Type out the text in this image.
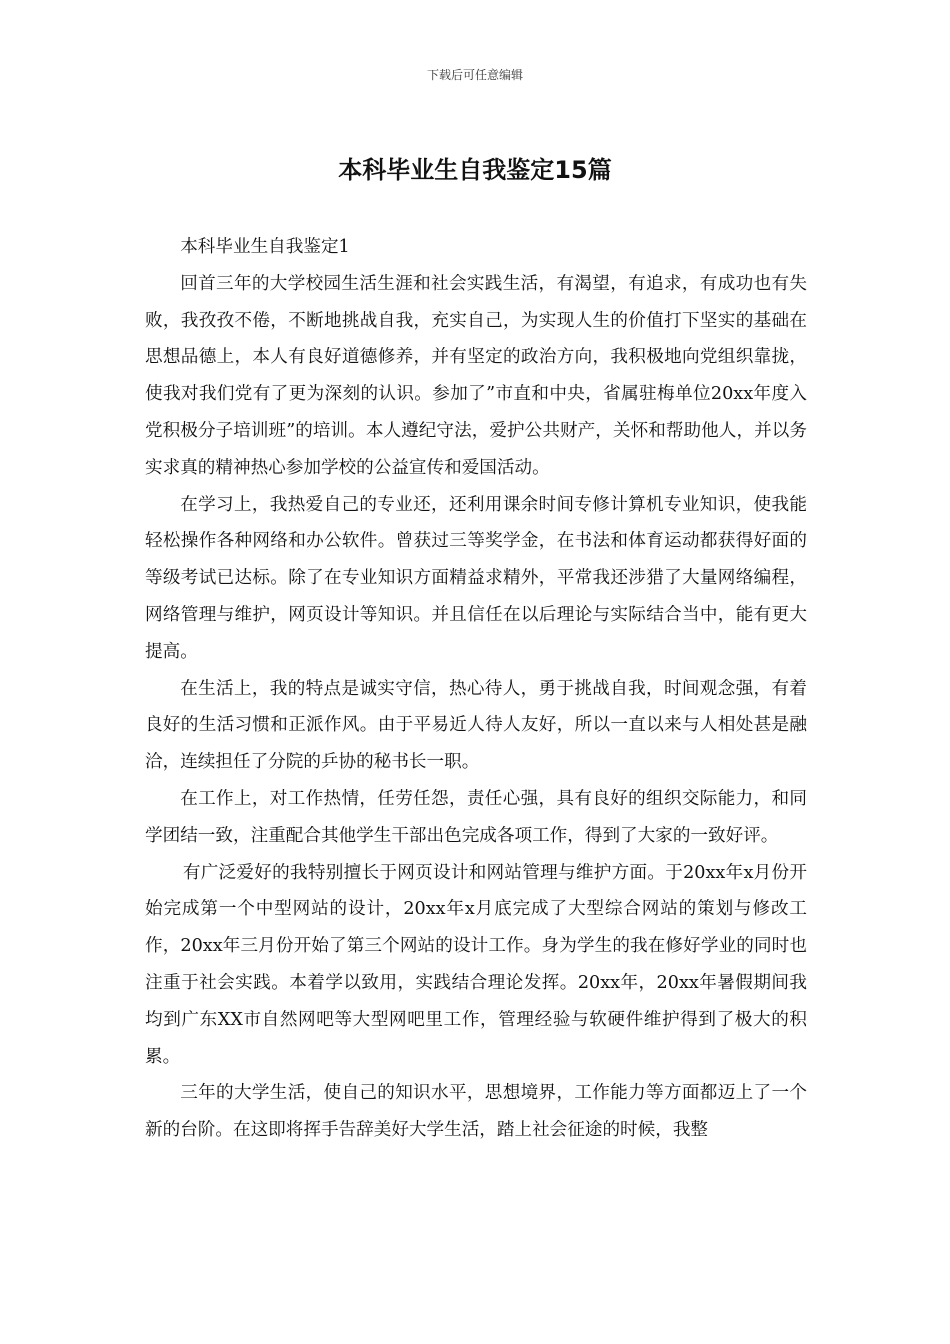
下载后可任意编辑
本科毕业生自我鉴定15篇

本科毕业生自我鉴定1

回首三年的大学校园生活生涯和社会实践生活，有渴望，有追求，有成功也有失败，我孜孜不倦，不断地挑战自我，充实自己，为实现人生的价值打下坚实的基础在思想品德上，本人有良好道德修养，并有坚定的政治方向，我积极地向党组织靠拢，使我对我们党有了更为深刻的认识。参加了”市直和中央，省属驻梅单位20xx年度入党积极分子培训班”的培训。本人遵纪守法，爱护公共财产，关怀和帮助他人，并以务实求真的精神热心参加学校的公益宣传和爱国活动。

在学习上，我热爱自己的专业还，还利用课余时间专修计算机专业知识，使我能轻松操作各种网络和办公软件。曾获过三等奖学金，在书法和体育运动都获得好面的等级考试已达标。除了在专业知识方面精益求精外，平常我还涉猎了大量网络编程，网络管理与维护，网页设计等知识。并且信任在以后理论与实际结合当中，能有更大提高。

在生活上，我的特点是诚实守信，热心待人，勇于挑战自我，时间观念强，有着良好的生活习惯和正派作风。由于平易近人待人友好，所以一直以来与人相处甚是融洽，连续担任了分院的乒协的秘书长一职。

在工作上，对工作热情，任劳任怨，责任心强，具有良好的组织交际能力，和同学团结一致，注重配合其他学生干部出色完成各项工作，得到了大家的一致好评。

有广泛爱好的我特别擅长于网页设计和网站管理与维护方面。于20xx年x月份开始完成第一个中型网站的设计，20xx年x月底完成了大型综合网站的策划与修改工作，20xx年三月份开始了第三个网站的设计工作。身为学生的我在修好学业的同时也注重于社会实践。本着学以致用，实践结合理论发挥。20xx年，20xx年暑假期间我均到广东XX市自然网吧等大型网吧里工作，管理经验与软硬件维护得到了极大的积累。

三年的大学生活，使自己的知识水平，思想境界，工作能力等方面都迈上了一个新的台阶。在这即将挥手告辞美好大学生活，踏上社会征途的时候，我整
